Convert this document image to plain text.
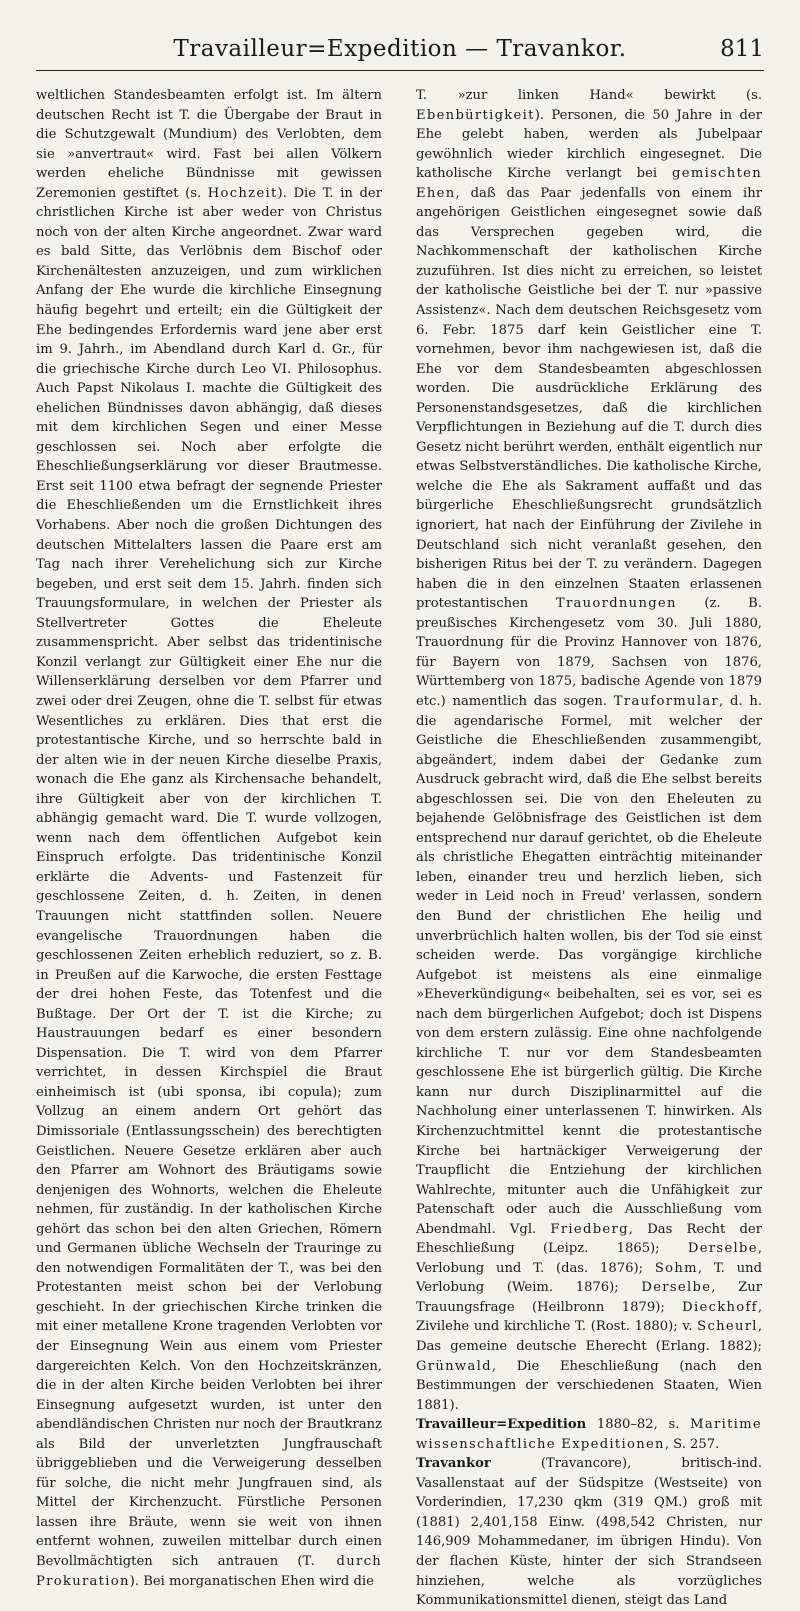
Travailleur=Expedition — Travankor.	811

weltlichen Standesbeamten erfolgt ist. Im ältern deutschen Recht ist T. die Übergabe der Braut in die Schutzgewalt (Mundium) des Verlobten, dem sie »anvertraut« wird. Fast bei allen Völkern werden eheliche Bündnisse mit gewissen Zeremonien gestiftet (s. Hochzeit). Die T. in der christlichen Kirche ist aber weder von Christus noch von der alten Kirche angeordnet. Zwar ward es bald Sitte, das Verlöbnis dem Bischof oder Kirchenältesten anzuzeigen, und zum wirklichen Anfang der Ehe wurde die kirchliche Einsegnung häufig begehrt und erteilt; ein die Gültigkeit der Ehe bedingendes Erfordernis ward jene aber erst im 9. Jahrh., im Abendland durch Karl d. Gr., für die griechische Kirche durch Leo VI. Philosophus. Auch Papst Nikolaus I. machte die Gültigkeit des ehelichen Bündnisses davon abhängig, daß dieses mit dem kirchlichen Segen und einer Messe geschlossen sei. Noch aber erfolgte die Eheschließungserklärung vor dieser Brautmesse. Erst seit 1100 etwa befragt der segnende Priester die Eheschließenden um die Ernstlichkeit ihres Vorhabens. Aber noch die großen Dichtungen des deutschen Mittelalters lassen die Paare erst am Tag nach ihrer Verehelichung sich zur Kirche begeben, und erst seit dem 15. Jahrh. finden sich Trauungsformulare, in welchen der Priester als Stellvertreter Gottes die Eheleute zusammenspricht. Aber selbst das tridentinische Konzil verlangt zur Gültigkeit einer Ehe nur die Willenserklärung derselben vor dem Pfarrer und zwei oder drei Zeugen, ohne die T. selbst für etwas Wesentliches zu erklären. Dies that erst die protestantische Kirche, und so herrschte bald in der alten wie in der neuen Kirche dieselbe Praxis, wonach die Ehe ganz als Kirchensache behandelt, ihre Gültigkeit aber von der kirchlichen T. abhängig gemacht ward. Die T. wurde vollzogen, wenn nach dem öffentlichen Aufgebot kein Einspruch erfolgte. Das tridentinische Konzil erklärte die Advents- und Fastenzeit für geschlossene Zeiten, d. h. Zeiten, in denen Trauungen nicht stattfinden sollen. Neuere evangelische Trauordnungen haben die geschlossenen Zeiten erheblich reduziert, so z. B. in Preußen auf die Karwoche, die ersten Festtage der drei hohen Feste, das Totenfest und die Bußtage. Der Ort der T. ist die Kirche; zu Haustrauungen bedarf es einer besondern Dispensation. Die T. wird von dem Pfarrer verrichtet, in dessen Kirchspiel die Braut einheimisch ist (ubi sponsa, ibi copula); zum Vollzug an einem andern Ort gehört das Dimissoriale (Entlassungsschein) des berechtigten Geistlichen. Neuere Gesetze erklären aber auch den Pfarrer am Wohnort des Bräutigams sowie denjenigen des Wohnorts, welchen die Eheleute nehmen, für zuständig. In der katholischen Kirche gehört das schon bei den alten Griechen, Römern und Germanen übliche Wechseln der Trauringe zu den notwendigen Formalitäten der T., was bei den Protestanten meist schon bei der Verlobung geschieht. In der griechischen Kirche trinken die mit einer metallene Krone tragenden Verlobten vor der Einsegnung Wein aus einem vom Priester dargereichten Kelch. Von den Hochzeitskränzen, die in der alten Kirche beiden Verlobten bei ihrer Einsegnung aufgesetzt wurden, ist unter den abendländischen Christen nur noch der Brautkranz als Bild der unverletzten Jungfrauschaft übriggeblieben und die Verweigerung desselben für solche, die nicht mehr Jungfrauen sind, als Mittel der Kirchenzucht. Fürstliche Personen lassen ihre Bräute, wenn sie weit von ihnen entfernt wohnen, zuweilen mittelbar durch einen Bevollmächtigten sich antrauen (T. durch Prokuration). Bei morganatischen Ehen wird die

T. »zur linken Hand« bewirkt (s. Ebenbürtigkeit). Personen, die 50 Jahre in der Ehe gelebt haben, werden als Jubelpaar gewöhnlich wieder kirchlich eingesegnet. Die katholische Kirche verlangt bei gemischten Ehen, daß das Paar jedenfalls von einem ihr angehörigen Geistlichen eingesegnet sowie daß das Versprechen gegeben wird, die Nachkommenschaft der katholischen Kirche zuzuführen. Ist dies nicht zu erreichen, so leistet der katholische Geistliche bei der T. nur »passive Assistenz«. Nach dem deutschen Reichsgesetz vom 6. Febr. 1875 darf kein Geistlicher eine T. vornehmen, bevor ihm nachgewiesen ist, daß die Ehe vor dem Standesbeamten abgeschlossen worden. Die ausdrückliche Erklärung des Personenstandsgesetzes, daß die kirchlichen Verpflichtungen in Beziehung auf die T. durch dies Gesetz nicht berührt werden, enthält eigentlich nur etwas Selbstverständliches. Die katholische Kirche, welche die Ehe als Sakrament auffaßt und das bürgerliche Eheschließungsrecht grundsätzlich ignoriert, hat nach der Einführung der Zivilehe in Deutschland sich nicht veranlaßt gesehen, den bisherigen Ritus bei der T. zu verändern. Dagegen haben die in den einzelnen Staaten erlassenen protestantischen Trauordnungen (z. B. preußisches Kirchengesetz vom 30. Juli 1880, Trauordnung für die Provinz Hannover von 1876, für Bayern von 1879, Sachsen von 1876, Württemberg von 1875, badische Agende von 1879 etc.) namentlich das sogen. Trauformular, d. h. die agendarische Formel, mit welcher der Geistliche die Eheschließenden zusammengibt, abgeändert, indem dabei der Gedanke zum Ausdruck gebracht wird, daß die Ehe selbst bereits abgeschlossen sei. Die von den Eheleuten zu bejahende Gelöbnisfrage des Geistlichen ist dem entsprechend nur darauf gerichtet, ob die Eheleute als christliche Ehegatten einträchtig miteinander leben, einander treu und herzlich lieben, sich weder in Leid noch in Freud' verlassen, sondern den Bund der christlichen Ehe heilig und unverbrüchlich halten wollen, bis der Tod sie einst scheiden werde. Das vorgängige kirchliche Aufgebot ist meistens als eine einmalige »Eheverkündigung« beibehalten, sei es vor, sei es nach dem bürgerlichen Aufgebot; doch ist Dispens von dem erstern zulässig. Eine ohne nachfolgende kirchliche T. nur vor dem Standesbeamten geschlossene Ehe ist bürgerlich gültig. Die Kirche kann nur durch Disziplinarmittel auf die Nachholung einer unterlassenen T. hinwirken. Als Kirchenzuchtmittel kennt die protestantische Kirche bei hartnäckiger Verweigerung der Traupflicht die Entziehung der kirchlichen Wahlrechte, mitunter auch die Unfähigkeit zur Patenschaft oder auch die Ausschließung vom Abendmahl. Vgl. Friedberg, Das Recht der Eheschließung (Leipz. 1865); Derselbe, Verlobung und T. (das. 1876); Sohm, T. und Verlobung (Weim. 1876); Derselbe, Zur Trauungsfrage (Heilbronn 1879); Dieckhoff, Zivilehe und kirchliche T. (Rost. 1880); v. Scheurl, Das gemeine deutsche Eherecht (Erlang. 1882); Grünwald, Die Eheschließung (nach den Bestimmungen der verschiedenen Staaten, Wien 1881).

Travailleur=Expedition 1880–82, s. Maritime wissenschaftliche Expeditionen, S. 257.

Travankor (Travancore), britisch-ind. Vasallenstaat auf der Südspitze (Westseite) von Vorderindien, 17,230 qkm (319 QM.) groß mit (1881) 2,401,158 Einw. (498,542 Christen, nur 146,909 Mohammedaner, im übrigen Hindu). Von der flachen Küste, hinter der sich Strandseen hinziehen, welche als vorzügliches Kommunikationsmittel dienen, steigt das Land
